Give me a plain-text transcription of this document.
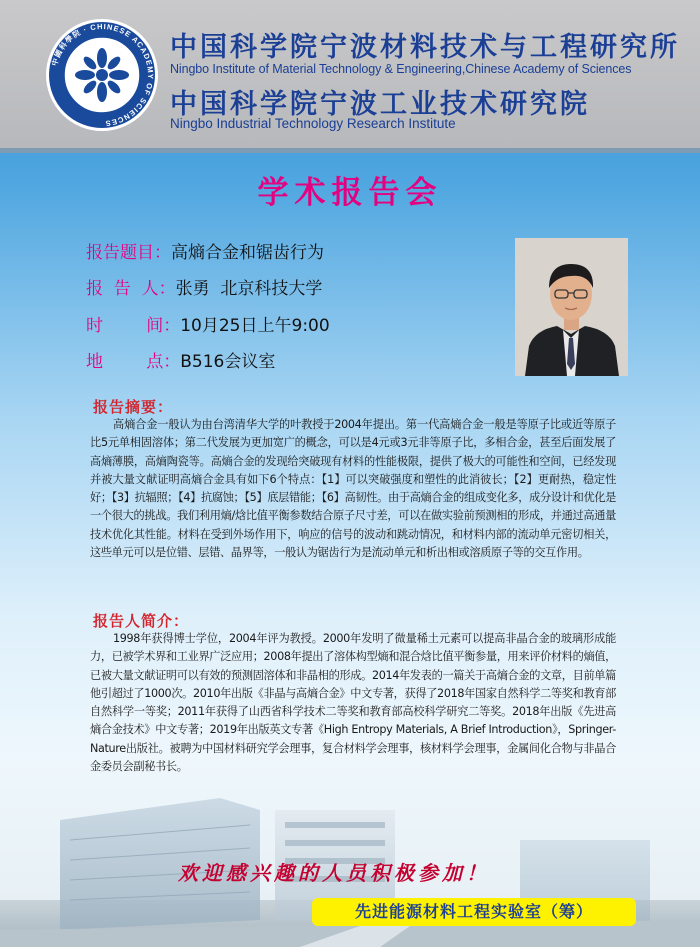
中國科學院 · CHINESE ACADEMY OF SCIENCES
中国科学院宁波材料技术与工程研究所
Ningbo Institute of Material Technology & Engineering,Chinese Academy of Sciences
中国科学院宁波工业技术研究院
Ningbo Industrial Technology Research Institute
学术报告会
报告题目：高熵合金和锯齿行为
报  告  人：张勇  北京科技大学
时        间：10月25日上午9:00
地        点：B516会议室
报告摘要：
高熵合金一般认为由台湾清华大学的叶教授于2004年提出。第一代高熵合金一般是等原子比或近等原子比5元单相固溶体；第二代发展为更加宽广的概念，可以是4元或3元非等原子比，多相合金，甚至后面发展了高熵薄膜，高熵陶瓷等。高熵合金的发现给突破现有材料的性能极限，提供了极大的可能性和空间，已经发现并被大量文献证明高熵合金具有如下6个特点：【1】可以突破强度和塑性的此消彼长；【2】更耐热，稳定性好；【3】抗辐照；【4】抗腐蚀；【5】底层错能；【6】高韧性。由于高熵合金的组成变化多，成分设计和优化是一个很大的挑战。我们利用熵/焓比值平衡参数结合原子尺寸差，可以在做实验前预测相的形成，并通过高通量技术优化其性能。材料在受到外场作用下，响应的信号的波动和跳动情况，和材料内部的流动单元密切相关，这些单元可以是位错、层错、晶界等，一般认为锯齿行为是流动单元和析出相或溶质原子等的交互作用。
报告人简介：
1998年获得博士学位，2004年评为教授。2000年发明了微量稀土元素可以提高非晶合金的玻璃形成能力，已被学术界和工业界广泛应用；2008年提出了溶体构型熵和混合焓比值平衡参量，用来评价材料的熵值，已被大量文献证明可以有效的预测固溶体和非晶相的形成。2014年发表的一篇关于高熵合金的文章，目前单篇他引超过了1000次。2010年出版《非晶与高熵合金》中文专著，获得了2018年国家自然科学二等奖和教育部自然科学一等奖；2011年获得了山西省科学技术二等奖和教育部高校科学研究二等奖。2018年出版《先进高熵合金技术》中文专著；2019年出版英文专著《High Entropy Materials, A Brief Introduction》，Springer-Nature出版社。被聘为中国材料研究学会理事，复合材料学会理事，核材料学会理事，金属间化合物与非晶合金委员会副秘书长。
欢迎感兴趣的人员积极参加！
先进能源材料工程实验室（筹）
